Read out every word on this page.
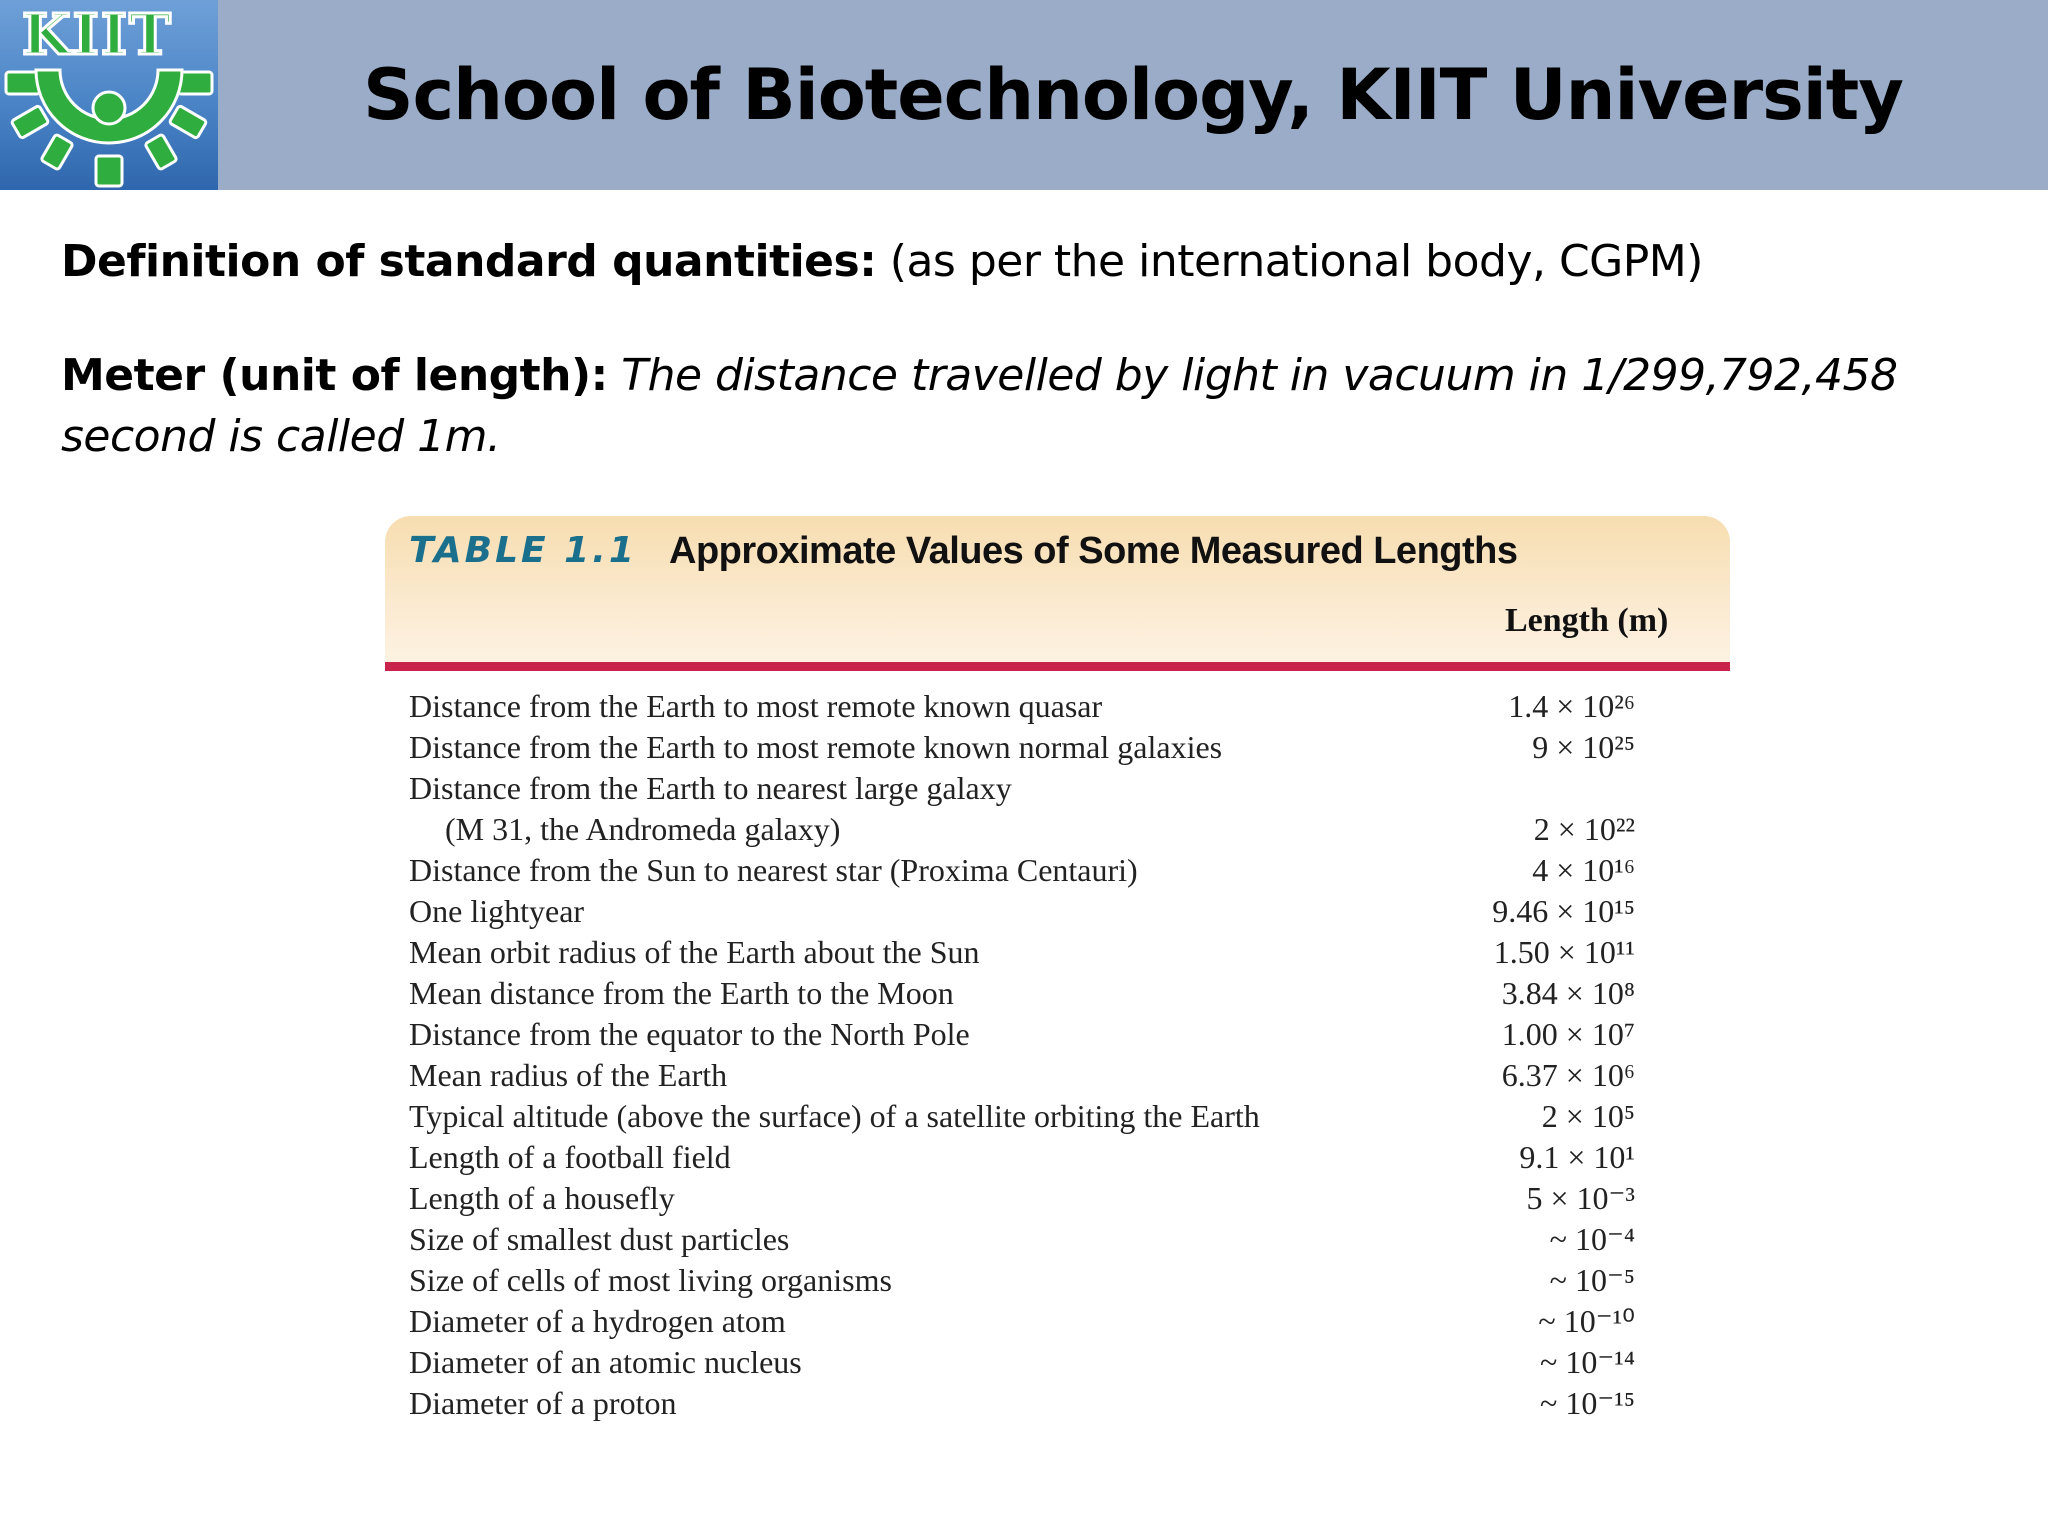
KIIT
School of Biotechnology, KIIT University
Definition of standard quantities: (as per the international body, CGPM)
Meter (unit of length): The distance travelled by light in vacuum in 1/299,792,458 second is called 1m.
TABLE 1.1 Approximate Values of Some Measured Lengths
Length (m)
Distance from the Earth to most remote known quasar	1.4 × 10²⁶
Distance from the Earth to most remote known normal galaxies	9 × 10²⁵
Distance from the Earth to nearest large galaxy
(M 31, the Andromeda galaxy)	2 × 10²²
Distance from the Sun to nearest star (Proxima Centauri)	4 × 10¹⁶
One lightyear	9.46 × 10¹⁵
Mean orbit radius of the Earth about the Sun	1.50 × 10¹¹
Mean distance from the Earth to the Moon	3.84 × 10⁸
Distance from the equator to the North Pole	1.00 × 10⁷
Mean radius of the Earth	6.37 × 10⁶
Typical altitude (above the surface) of a satellite orbiting the Earth	2 × 10⁵
Length of a football field	9.1 × 10¹
Length of a housefly	5 × 10⁻³
Size of smallest dust particles	~ 10⁻⁴
Size of cells of most living organisms	~ 10⁻⁵
Diameter of a hydrogen atom	~ 10⁻¹⁰
Diameter of an atomic nucleus	~ 10⁻¹⁴
Diameter of a proton	~ 10⁻¹⁵
